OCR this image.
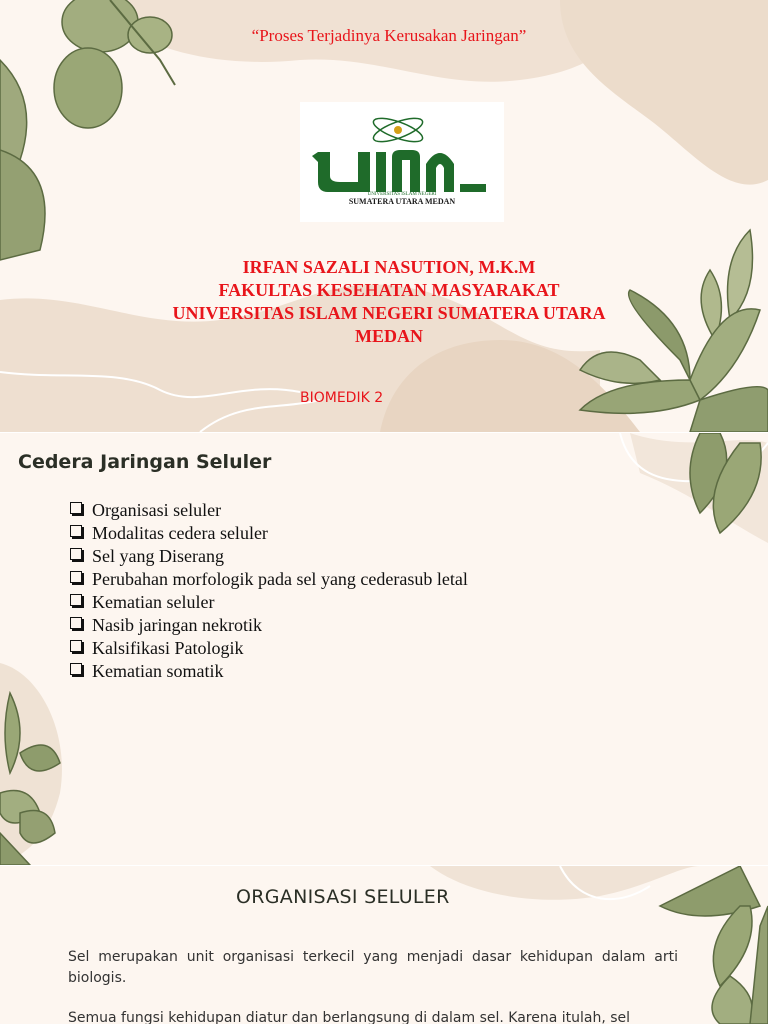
“Proses Terjadinya Kerusakan Jaringan”
UNIVERSITAS ISLAM NEGERI
SUMATERA UTARA MEDAN
IRFAN SAZALI NASUTION, M.K.M
FAKULTAS KESEHATAN MASYARAKAT
UNIVERSITAS ISLAM NEGERI SUMATERA UTARA
MEDAN
BIOMEDIK 2
Cedera Jaringan Seluler
Organisasi seluler
Modalitas cedera seluler
Sel yang Diserang
Perubahan morfologik pada sel yang cederasub letal
Kematian seluler
Nasib jaringan nekrotik
Kalsifikasi Patologik
Kematian somatik
ORGANISASI SELULER
Sel merupakan unit organisasi terkecil yang menjadi dasar kehidupan dalam arti biologis.
Semua fungsi kehidupan diatur dan berlangsung di dalam sel. Karena itulah, sel
